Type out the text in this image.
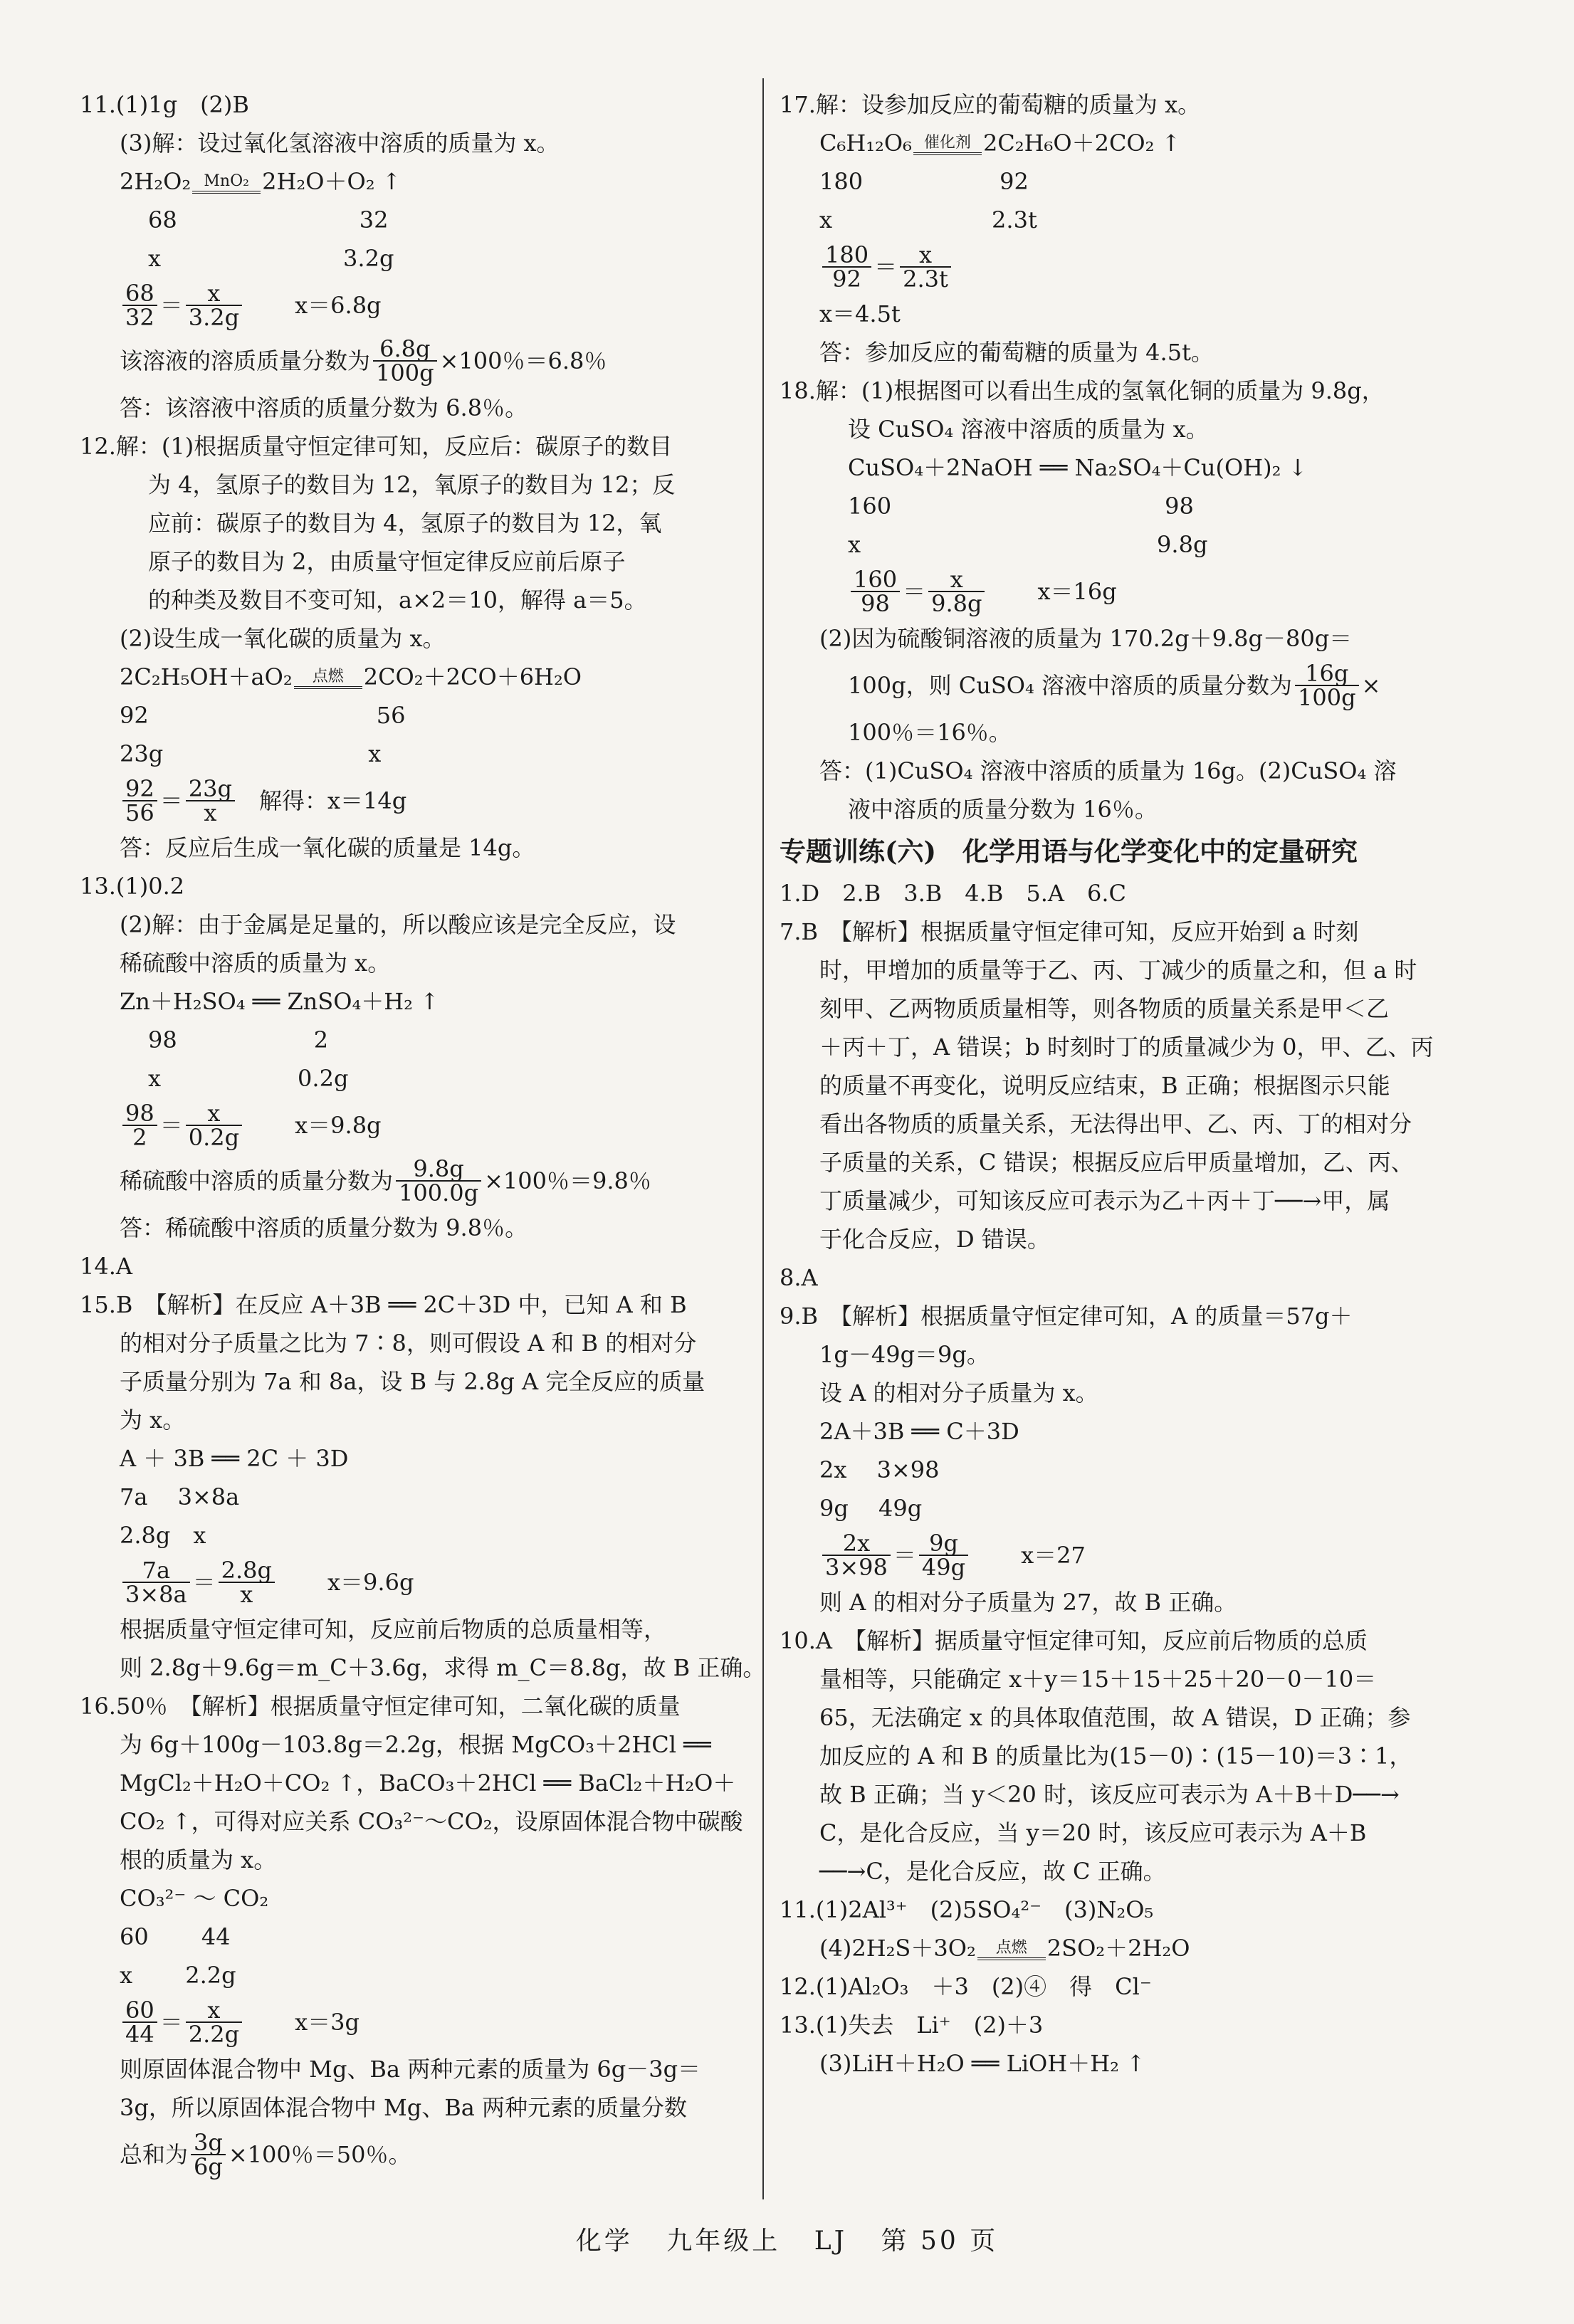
11.(1)1g　(2)B
(3)解：设过氧化氢溶液中溶质的质量为 x。
2H₂O₂ MnO₂ 2H₂O＋O₂ ↑
68　　　　　　　　32
x　　　　　　　　3.2g
$\frac{68}{32} = \frac{x}{3.2g} x=6.8g$
该溶液的溶质质量分数为 $\frac{6.8g}{100g} \times 100$％＝6.8％
答：该溶液中溶质的质量分数为 6.8％。
12.解：(1)根据质量守恒定律可知，反应后：碳原子的数目
为 4，氢原子的数目为 12，氧原子的数目为 12；反
应前：碳原子的数目为 4，氢原子的数目为 12，氧
原子的数目为 2，由质量守恒定律反应前后原子
的种类及数目不变可知，a×2＝10，解得 a＝5。
(2)设生成一氧化碳的质量为 x。
2C₂H₅OH＋aO₂ 点燃 2CO₂＋2CO＋6H₂O
92　　　　　　　　　　56
23g　　　　　　　　　x
$\frac{92}{56} = \frac{23g}{x}$ 解得：x＝14g
答：反应后生成一氧化碳的质量是 14g。
13.(1)0.2
(2)解：由于金属是足量的，所以酸应该是完全反应，设
稀硫酸中溶质的质量为 x。
Zn＋H₂SO₄ ══ ZnSO₄＋H₂ ↑
98　　　　　　2
x　　　　　　0.2g
$\frac{98}{2} = \frac{x}{0.2g} x=9.8g$
稀硫酸中溶质的质量分数为 $\frac{9.8g}{100.0g} \times 100$％＝9.8％
答：稀硫酸中溶质的质量分数为 9.8％。
14.A
15.B　【解析】在反应 A＋3B ══ 2C＋3D 中，已知 A 和 B
的相对分子质量之比为 7∶8，则可假设 A 和 B 的相对分
子质量分别为 7a 和 8a，设 B 与 2.8g A 完全反应的质量
为 x。
A ＋ 3B ══ 2C ＋ 3D
7a　 3×8a
2.8g　x
$\frac{7a}{3\times 8a} = \frac{2.8g}{x} x=9.6g$
根据质量守恒定律可知，反应前后物质的总质量相等，
则 2.8g＋9.6g＝m_C＋3.6g，求得 m_C＝8.8g，故 B 正确。
16.50％　【解析】根据质量守恒定律可知，二氧化碳的质量
为 6g＋100g－103.8g＝2.2g，根据 MgCO₃＋2HCl ══
MgCl₂＋H₂O＋CO₂ ↑，BaCO₃＋2HCl ══ BaCl₂＋H₂O＋
CO₂ ↑，可得对应关系 CO₃²⁻～CO₂，设原固体混合物中碳酸
根的质量为 x。
CO₃²⁻ ～ CO₂
60　　 44
x　　 2.2g
$\frac{60}{44} = \frac{x}{2.2g} x=3g$
则原固体混合物中 Mg、Ba 两种元素的质量为 6g－3g＝
3g，所以原固体混合物中 Mg、Ba 两种元素的质量分数
总和为 $\frac{3g}{6g} \times 100$％＝50％。
17.解：设参加反应的葡萄糖的质量为 x。
C₆H₁₂O₆ 催化剂 2C₂H₆O＋2CO₂ ↑
180　　　　　　92
x　　　　　　　2.3t
$\frac{180}{92} = \frac{x}{2.3t}$
x＝4.5t
答：参加反应的葡萄糖的质量为 4.5t。
18.解：(1)根据图可以看出生成的氢氧化铜的质量为 9.8g，
设 CuSO₄ 溶液中溶质的质量为 x。
CuSO₄＋2NaOH ══ Na₂SO₄＋Cu(OH)₂ ↓
160　　　　　　　　　　　　98
x　　　　　　　　　　　　　9.8g
$\frac{160}{98} = \frac{x}{9.8g} x=16g$
(2)因为硫酸铜溶液的质量为 170.2g＋9.8g－80g＝
100g，则 CuSO₄ 溶液中溶质的质量分数为 $\frac{16g}{100g}$ ×
100％＝16％。
答：(1)CuSO₄ 溶液中溶质的质量为 16g。(2)CuSO₄ 溶
液中溶质的质量分数为 16％。
专题训练(六)　化学用语与化学变化中的定量研究
1.D　2.B　3.B　4.B　5.A　6.C
7.B　【解析】根据质量守恒定律可知，反应开始到 a 时刻
时，甲增加的质量等于乙、丙、丁减少的质量之和，但 a 时
刻甲、乙两物质质量相等，则各物质的质量关系是甲＜乙
＋丙＋丁，A 错误；b 时刻时丁的质量减少为 0，甲、乙、丙
的质量不再变化，说明反应结束，B 正确；根据图示只能
看出各物质的质量关系，无法得出甲、乙、丙、丁的相对分
子质量的关系，C 错误；根据反应后甲质量增加，乙、丙、
丁质量减少，可知该反应可表示为乙＋丙＋丁──→甲，属
于化合反应，D 错误。
8.A
9.B　【解析】根据质量守恒定律可知，A 的质量＝57g＋
1g－49g＝9g。
设 A 的相对分子质量为 x。
2A＋3B ══ C＋3D
2x　 3×98
9g　 49g
$\frac{2x}{3\times 98} = \frac{9g}{49g} x=27$
则 A 的相对分子质量为 27，故 B 正确。
10.A　【解析】据质量守恒定律可知，反应前后物质的总质
量相等，只能确定 x＋y＝15＋15＋25＋20－0－10＝
65，无法确定 x 的具体取值范围，故 A 错误，D 正确；参
加反应的 A 和 B 的质量比为(15－0)∶(15－10)＝3∶1，
故 B 正确；当 y＜20 时，该反应可表示为 A＋B＋D──→
C，是化合反应，当 y＝20 时，该反应可表示为 A＋B
──→C，是化合反应，故 C 正确。
11.(1)2Al³⁺　(2)5SO₄²⁻　(3)N₂O₅
(4)2H₂S＋3O₂ 点燃 2SO₂＋2H₂O
12.(1)Al₂O₃　＋3　(2)④　得　Cl⁻
13.(1)失去　Li⁺　(2)＋3
(3)LiH＋H₂O ══ LiOH＋H₂ ↑
化学 九年级上 LJ 第 50 页
